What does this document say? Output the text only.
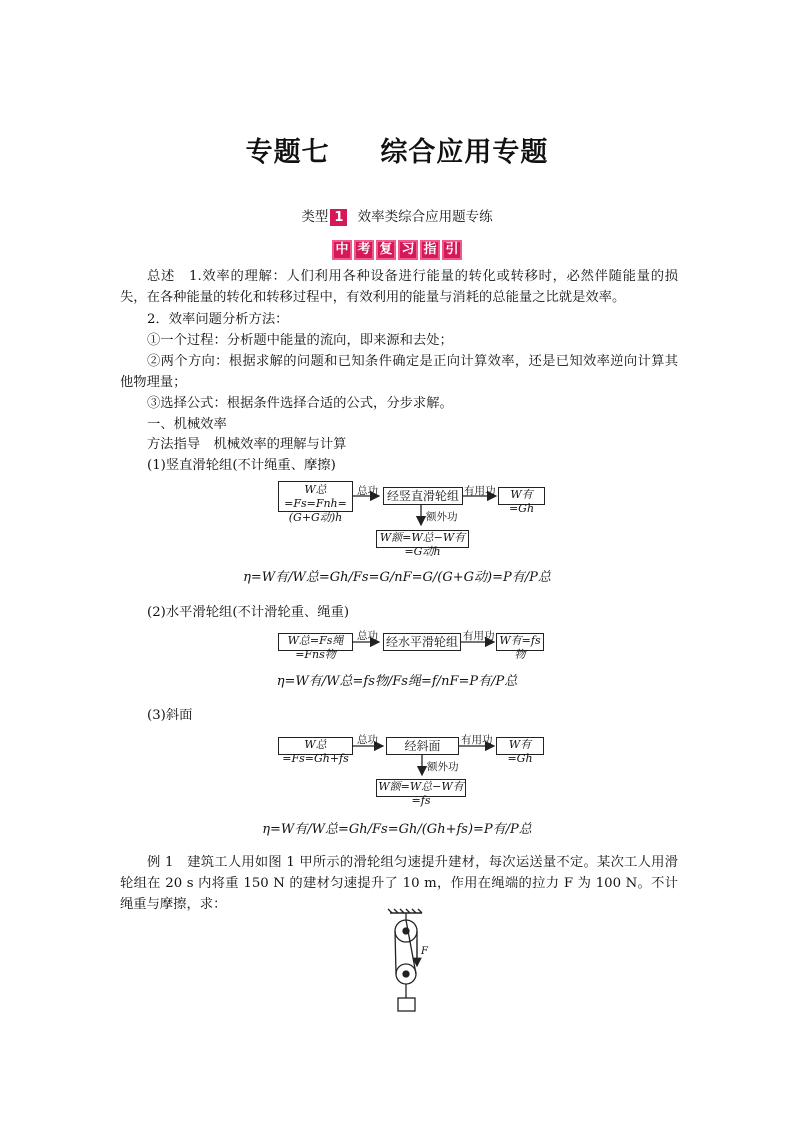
专题七 综合应用专题
类型 1 效率类综合应用题专练
中 考 复 习 指 引
总述　1.效率的理解：人们利用各种设备进行能量的转化或转移时，必然伴随能量的损失，在各种能量的转化和转移过程中，有效利用的能量与消耗的总能量之比就是效率。
2．效率问题分析方法：
①一个过程：分析题中能量的流向，即来源和去处；
②两个方向：根据求解的问题和已知条件确定是正向计算效率，还是已知效率逆向计算其他物理量；
③选择公式：根据条件选择合适的公式，分步求解。
一、机械效率
方法指导　机械效率的理解与计算
(1)竖直滑轮组(不计绳重、摩擦)
W总=Fs=Fnh=(G+G动)h
总功 经竖直滑轮组 有用功	W有=Gh
额外功
W额=W总−W有=G动h
η=W有/W总=Gh/Fs=G/nF=G/(G+G动)=P有/P总
(2)水平滑轮组(不计滑轮重、绳重)
W总=Fs绳=Fns物
总功 经水平滑轮组 有用功 W有=fs物
η=W有/W总=fs物/Fs绳=f/nF=P有/P总
(3)斜面
W总=Fs=Gh+fs
总功	经斜面	有用功	W有=Gh
额外功
W额=W总−W有=fs
η=W有/W总=Gh/Fs=Gh/(Gh+fs)=P有/P总
例 1　建筑工人用如图 1 甲所示的滑轮组匀速提升建材，每次运送量不定。某次工人用滑轮组在 20 s 内将重 150 N 的建材匀速提升了 10 m，作用在绳端的拉力 F 为 100 N。不计绳重与摩擦，求：
F
